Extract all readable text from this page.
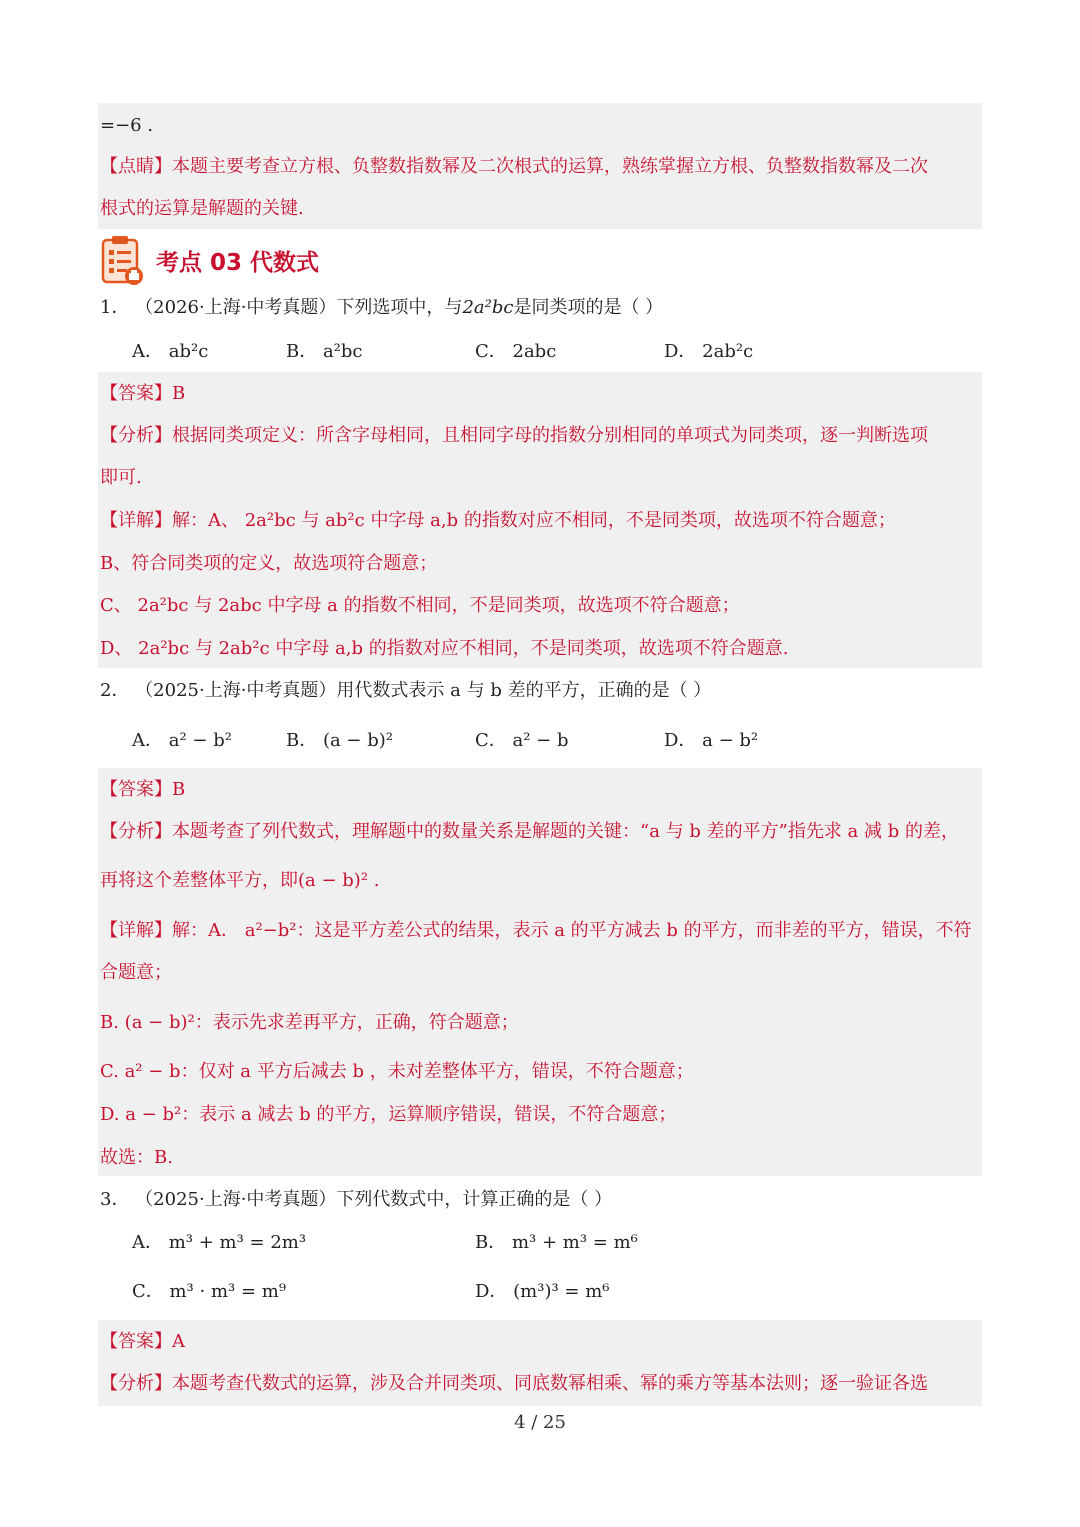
=−6 .
【点睛】本题主要考查立方根、负整数指数幂及二次根式的运算，熟练掌握立方根、负整数指数幂及二次
根式的运算是解题的关键.
考点 03 代数式
1． （2026·上海·中考真题）下列选项中，与2a²bc是同类项的是（ ）
A． ab²c	B． a²bc	C． 2abc	D． 2ab²c
【答案】B
【分析】根据同类项定义：所含字母相同，且相同字母的指数分别相同的单项式为同类项，逐一判断选项
即可.
【详解】解：A、 2a²bc 与 ab²c 中字母 a,b 的指数对应不相同，不是同类项，故选项不符合题意；
B、符合同类项的定义，故选项符合题意；
C、 2a²bc 与 2abc 中字母 a 的指数不相同，不是同类项，故选项不符合题意；
D、 2a²bc 与 2ab²c 中字母 a,b 的指数对应不相同，不是同类项，故选项不符合题意.
2． （2025·上海·中考真题）用代数式表示 a 与 b 差的平方，正确的是（ ）
A． a² − b²	B． (a − b)²	C． a² − b	D． a − b²
【答案】B
【分析】本题考查了列代数式，理解题中的数量关系是解题的关键：“a 与 b 差的平方”指先求 a 减 b 的差，
再将这个差整体平方，即(a − b)² .
【详解】解：A． a²−b²：这是平方差公式的结果，表示 a 的平方减去 b 的平方，而非差的平方，错误，不符
合题意；
B. (a − b)²：表示先求差再平方，正确，符合题意；
C. a² − b：仅对 a 平方后减去 b ，未对差整体平方，错误，不符合题意；
D. a − b²：表示 a 减去 b 的平方，运算顺序错误，错误，不符合题意；
故选：B.
3． （2025·上海·中考真题）下列代数式中，计算正确的是（ ）
A． m³ + m³ = 2m³	B． m³ + m³ = m⁶
C． m³ · m³ = m⁹	D． (m³)³ = m⁶
【答案】A
【分析】本题考查代数式的运算，涉及合并同类项、同底数幂相乘、幂的乘方等基本法则；逐一验证各选
4 / 25
